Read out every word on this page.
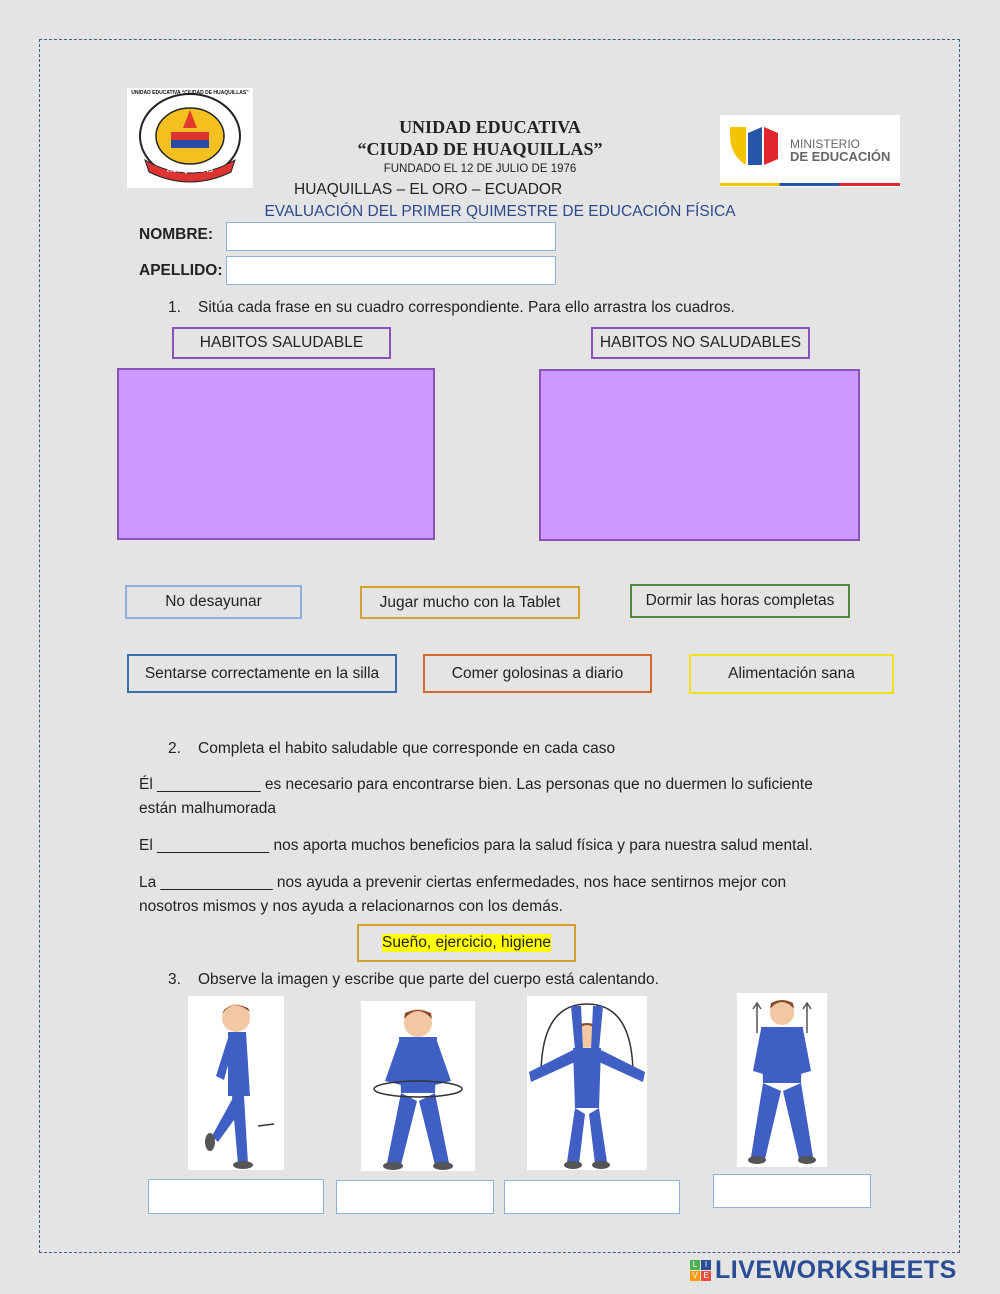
HUAQUILLAS
UNIDAD EDUCATIVA “CIUDAD DE HUAQUILLAS”
MINISTERIO
DE EDUCACIÓN
UNIDAD EDUCATIVA
“CIUDAD DE HUAQUILLAS”
FUNDADO EL 12 DE JULIO DE 1976
HUAQUILLAS – EL ORO – ECUADOR
EVALUACIÓN DEL PRIMER QUIMESTRE DE EDUCACIÓN FÍSICA
NOMBRE:
APELLIDO:
1. Sitúa cada frase en su cuadro correspondiente. Para ello arrastra los cuadros.
HABITOS SALUDABLE	HABITOS NO SALUDABLES
No desayunar	Jugar mucho con la Tablet	Dormir las horas completas
Sentarse correctamente en la silla	Comer golosinas a diario	Alimentación sana
2. Completa el habito saludable que corresponde en cada caso
Él ____________ es necesario para encontrarse bien. Las personas que no duermen lo suficiente
están malhumorada
El _____________ nos aporta muchos beneficios para la salud física y para nuestra salud mental.
La _____________ nos ayuda a prevenir ciertas enfermedades, nos hace sentirnos mejor con
nosotros mismos y nos ayuda a relacionarnos con los demás.
Sueño, ejercicio, higiene
3. Observe la imagen y escribe que parte del cuerpo está calentando.
L I
V E LIVEWORKSHEETS
